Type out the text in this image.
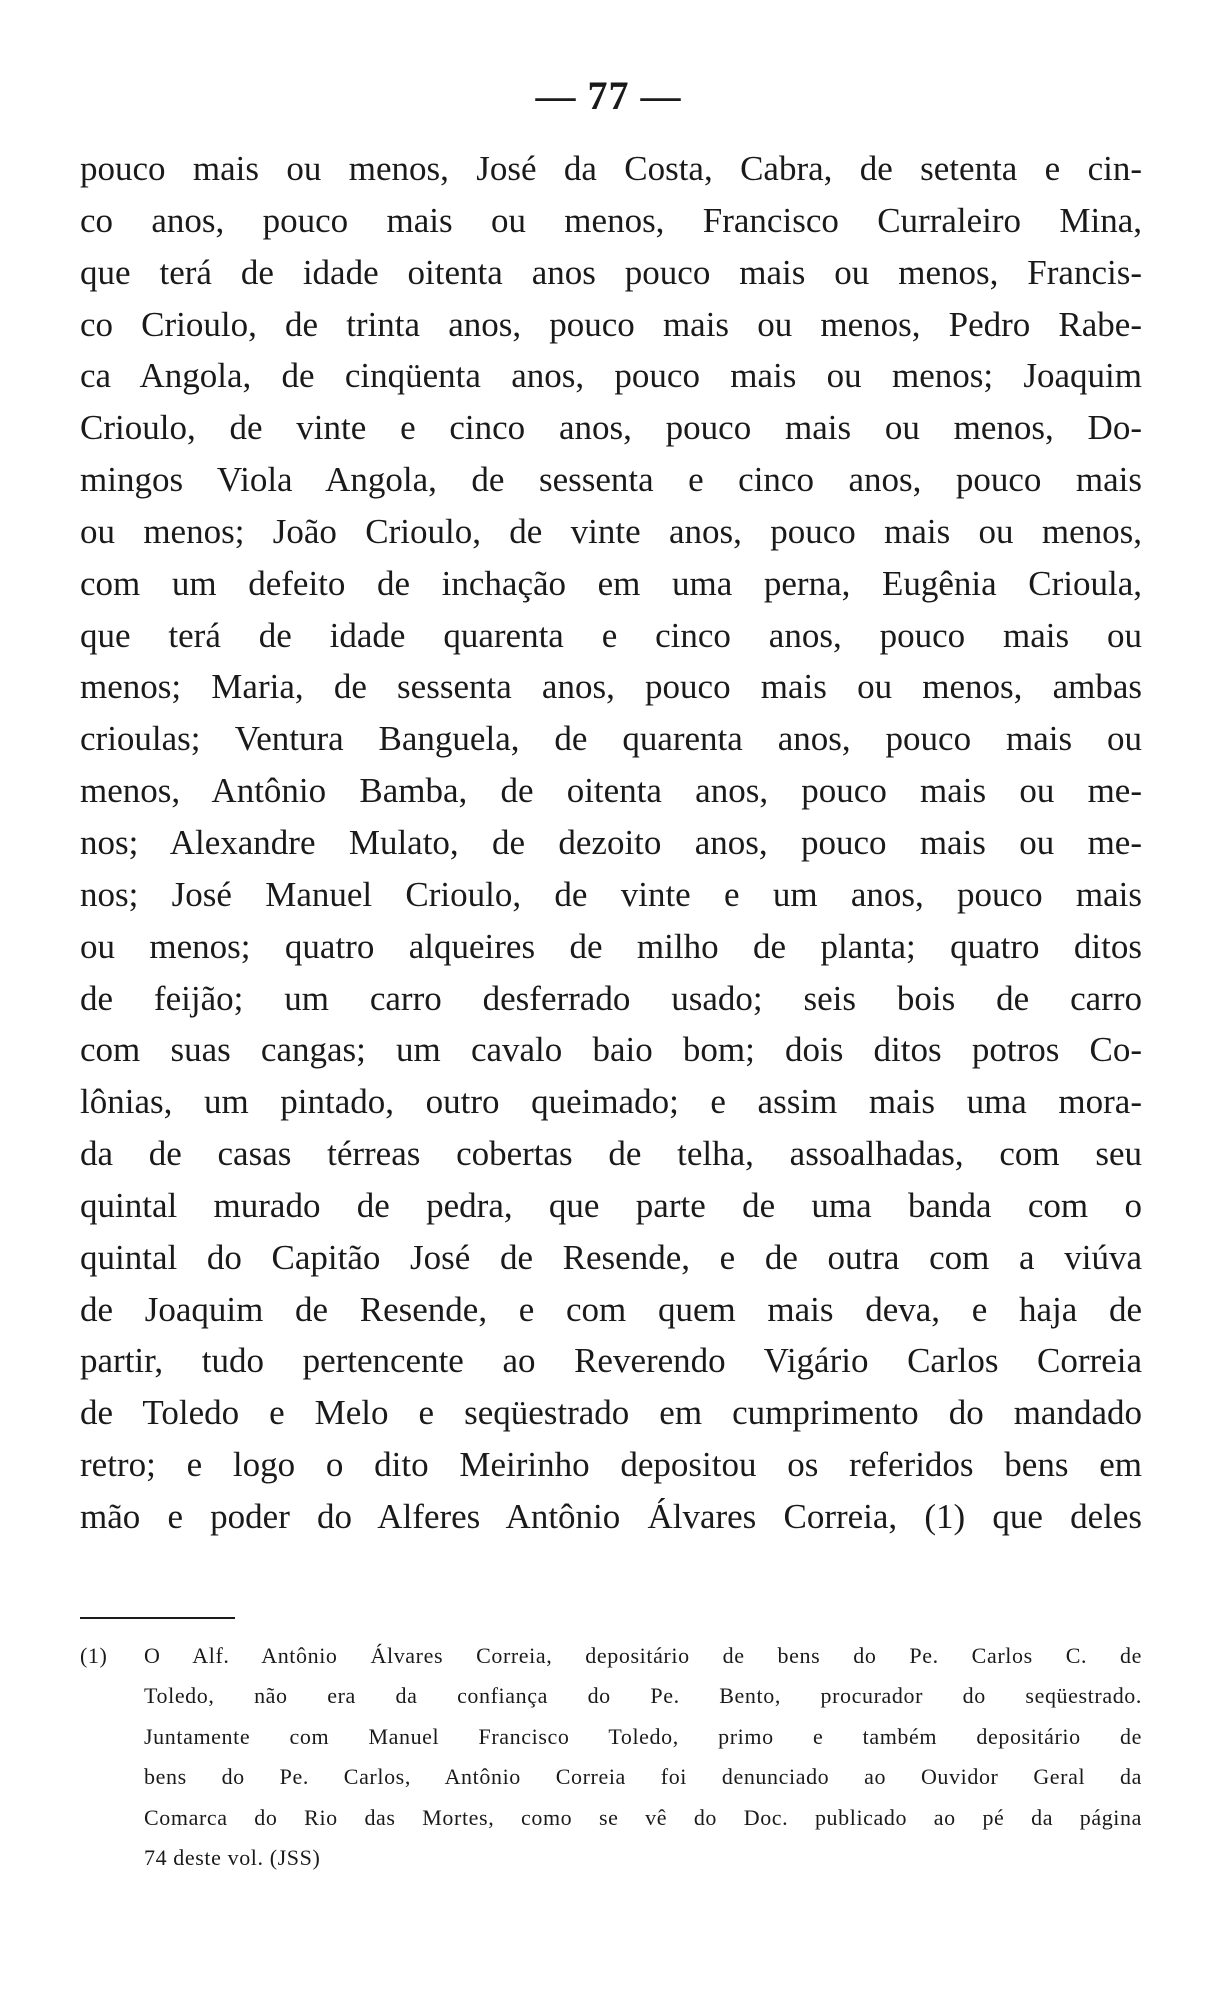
— 77 —
pouco mais ou menos, José da Costa, Cabra, de setenta e cin-
co anos, pouco mais ou menos, Francisco Curraleiro Mina,
que terá de idade oitenta anos pouco mais ou menos, Francis-
co Crioulo, de trinta anos, pouco mais ou menos, Pedro Rabe-
ca Angola, de cinqüenta anos, pouco mais ou menos; Joaquim
Crioulo, de vinte e cinco anos, pouco mais ou menos, Do-
mingos Viola Angola, de sessenta e cinco anos, pouco mais
ou menos; João Crioulo, de vinte anos, pouco mais ou menos,
com um defeito de inchação em uma perna, Eugênia Crioula,
que terá de idade quarenta e cinco anos, pouco mais ou
menos; Maria, de sessenta anos, pouco mais ou menos, ambas
crioulas; Ventura Banguela, de quarenta anos, pouco mais ou
menos, Antônio Bamba, de oitenta anos, pouco mais ou me-
nos; Alexandre Mulato, de dezoito anos, pouco mais ou me-
nos; José Manuel Crioulo, de vinte e um anos, pouco mais
ou menos; quatro alqueires de milho de planta; quatro ditos
de feijão; um carro desferrado usado; seis bois de carro
com suas cangas; um cavalo baio bom; dois ditos potros Co-
lônias, um pintado, outro queimado; e assim mais uma mora-
da de casas térreas cobertas de telha, assoalhadas, com seu
quintal murado de pedra, que parte de uma banda com o
quintal do Capitão José de Resende, e de outra com a viúva
de Joaquim de Resende, e com quem mais deva, e haja de
partir, tudo pertencente ao Reverendo Vigário Carlos Correia
de Toledo e Melo e seqüestrado em cumprimento do mandado
retro; e logo o dito Meirinho depositou os referidos bens em
mão e poder do Alferes Antônio Álvares Correia, (1) que deles
(1) O Alf. Antônio Álvares Correia, depositário de bens do Pe. Carlos C. de
Toledo, não era da confiança do Pe. Bento, procurador do seqüestrado.
Juntamente com Manuel Francisco Toledo, primo e também depositário de
bens do Pe. Carlos, Antônio Correia foi denunciado ao Ouvidor Geral da
Comarca do Rio das Mortes, como se vê do Doc. publicado ao pé da página
74 deste vol. (JSS)
